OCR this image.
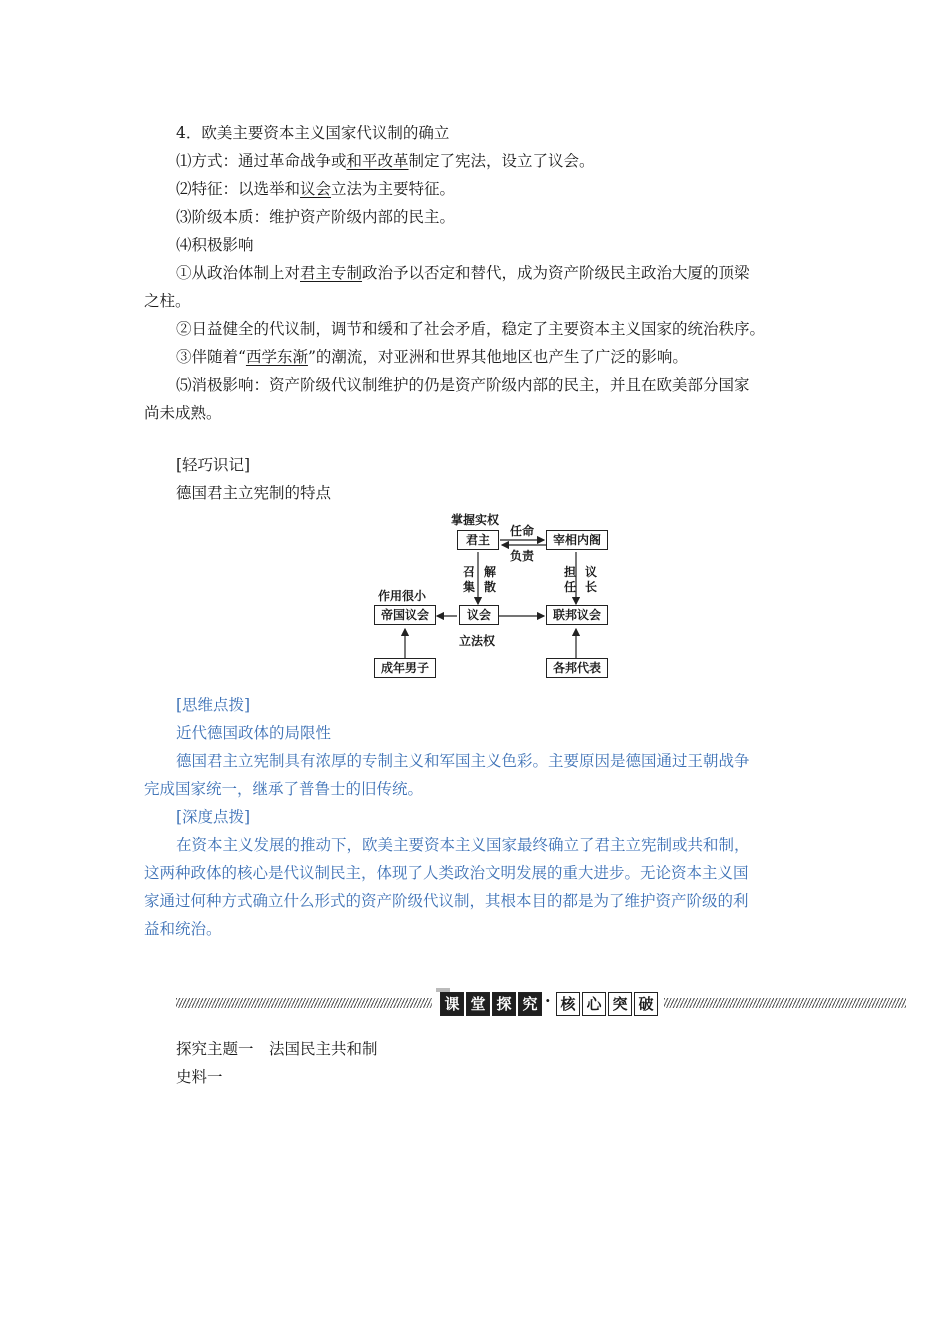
4．欧美主要资本主义国家代议制的确立
⑴方式：通过革命战争或和平改革制定了宪法，设立了议会。
⑵特征：以选举和议会立法为主要特征。
⑶阶级本质：维护资产阶级内部的民主。
⑷积极影响
①从政治体制上对君主专制政治予以否定和替代，成为资产阶级民主政治大厦的顶梁
之柱。
②日益健全的代议制，调节和缓和了社会矛盾，稳定了主要资本主义国家的统治秩序。
③伴随着“西学东渐”的潮流，对亚洲和世界其他地区也产生了广泛的影响。
⑸消极影响：资产阶级代议制维护的仍是资产阶级内部的民主，并且在欧美部分国家
尚未成熟。
[轻巧识记]
德国君主立宪制的特点
掌握实权
君主
任命
负责
宰相内阁
召集
解散
担任
议长
作用很小
帝国议会	议会	联邦议会
立法权
成年男子	各邦代表
[思维点拨]
近代德国政体的局限性
德国君主立宪制具有浓厚的专制主义和军国主义色彩。主要原因是德国通过王朝战争
完成国家统一，继承了普鲁士的旧传统。
[深度点拨]
在资本主义发展的推动下，欧美主要资本主义国家最终确立了君主立宪制或共和制，
这两种政体的核心是代议制民主，体现了人类政治文明发展的重大进步。无论资本主义国
家通过何种方式确立什么形式的资产阶级代议制，其根本目的都是为了维护资产阶级的利
益和统治。
课 堂 探 究 · 核 心 突 破
探究主题一　法国民主共和制
史料一
